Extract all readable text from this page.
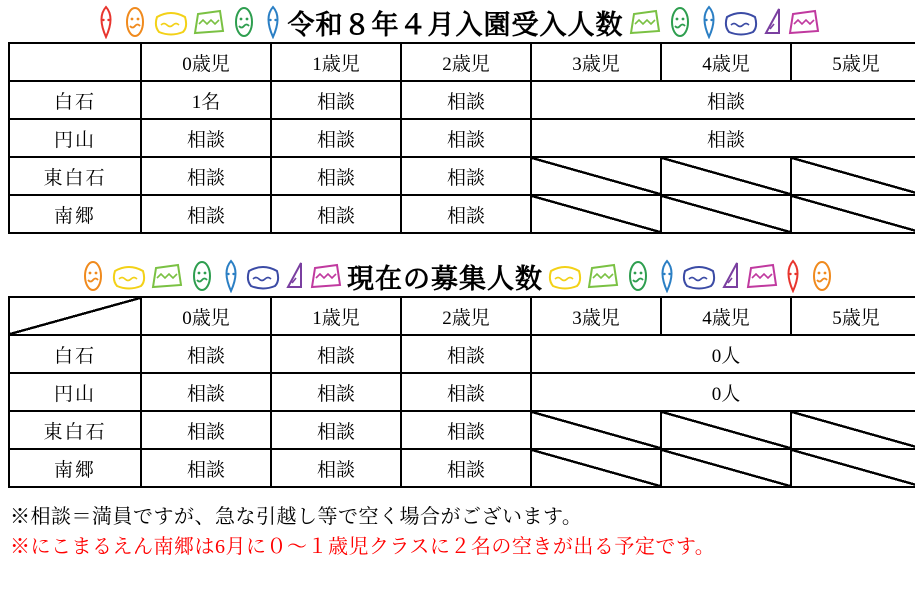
令和８年４月入園受入人数
	0歳児	1歳児	2歳児	3歳児	4歳児	5歳児
白石	1名	相談	相談	相談		
円山	相談	相談	相談	相談		
東白石	相談	相談	相談			
南郷	相談	相談	相談			
現在の募集人数
	0歳児	1歳児	2歳児	3歳児	4歳児	5歳児
白石	相談	相談	相談	0人		
円山	相談	相談	相談	0人		
東白石	相談	相談	相談			
南郷	相談	相談	相談			
※相談＝満員ですが、急な引越し等で空く場合がございます。
※にこまるえん南郷は6月に０〜１歳児クラスに２名の空きが出る予定です。
